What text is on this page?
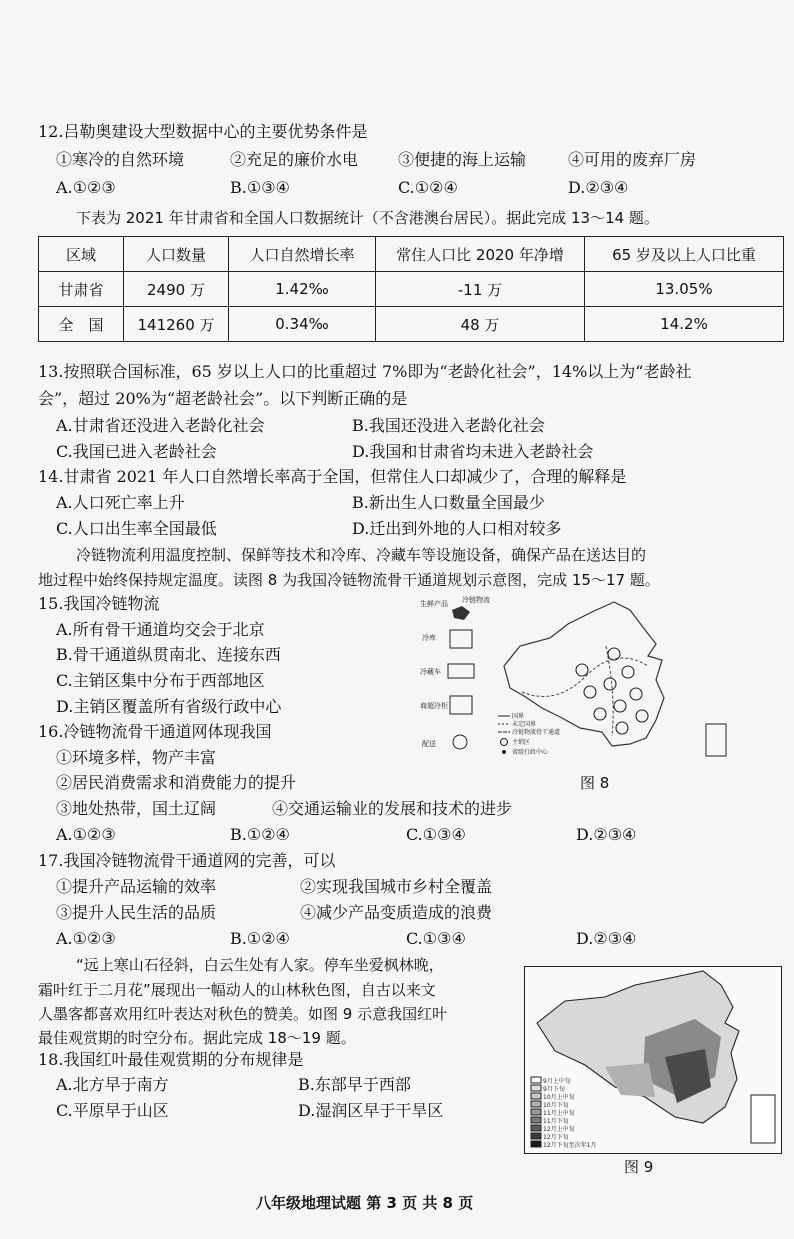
12.吕勒奥建设大型数据中心的主要优势条件是
①寒冷的自然环境	②充足的廉价水电 ③便捷的海上运输	④可用的废弃厂房
A.①②③	B.①③④	C.①②④	D.②③④
下表为 2021 年甘肃省和全国人口数据统计（不含港澳台居民）。据此完成 13～14 题。
区域	人口数量	人口自然增长率	常住人口比 2020 年净增	65 岁及以上人口比重
甘肃省	2490 万	1.42‰	-11 万	13.05%
全　国	141260 万	0.34‰	48 万	14.2%
13.按照联合国标准，65 岁以上人口的比重超过 7%即为“老龄化社会”，14%以上为“老龄社
会”，超过 20%为“超老龄社会”。以下判断正确的是
A.甘肃省还没进入老龄化社会	B.我国还没进入老龄化社会
C.我国已进入老龄社会	D.我国和甘肃省均未进入老龄社会
14.甘肃省 2021 年人口自然增长率高于全国，但常住人口却减少了，合理的解释是
A.人口死亡率上升	B.新出生人口数量全国最少
C.人口出生率全国最低	D.迁出到外地的人口相对较多
冷链物流利用温度控制、保鲜等技术和冷库、冷藏车等设施设备，确保产品在送达目的
地过程中始终保持规定温度。读图 8 为我国冷链物流骨干通道规划示意图，完成 15～17 题。
15.我国冷链物流
A.所有骨干通道均交会于北京
B.骨干通道纵贯南北、连接东西
C.主销区集中分布于西部地区
D.主销区覆盖所有省级行政中心
16.冷链物流骨干通道网体现我国
①环境多样，物产丰富
②居民消费需求和消费能力的提升
③地处热带，国土辽阔	④交通运输业的发展和技术的进步
A.①②③	B.①②④	C.①③④	D.②③④
17.我国冷链物流骨干通道网的完善，可以
①提升产品运输的效率	②实现我国城市乡村全覆盖
③提升人民生活的品质	④减少产品变质造成的浪费
A.①②③	B.①②④	C.①③④	D.②③④
“远上寒山石径斜，白云生处有人家。停车坐爱枫林晚，
霜叶红于二月花”展现出一幅动人的山林秋色图，自古以来文
人墨客都喜欢用红叶表达对秋色的赞美。如图 9 示意我国红叶
最佳观赏期的时空分布。据此完成 18～19 题。
18.我国红叶最佳观赏期的分布规律是
A.北方早于南方	B.东部早于西部
C.平原早于山区	D.湿润区早于干旱区
生鲜产品 冷链物流
冷库
冷藏车
商超冷柜
配送
国界
未定国界
冷链物流骨干通道
主销区
省级行政中心
图 8
9月上中旬
9月下旬
10月上中旬
10月下旬
11月上中旬
11月下旬
12月上中旬
12月下旬
12月下旬至次年1月
图 9
八年级地理试题 第 3 页 共 8 页
